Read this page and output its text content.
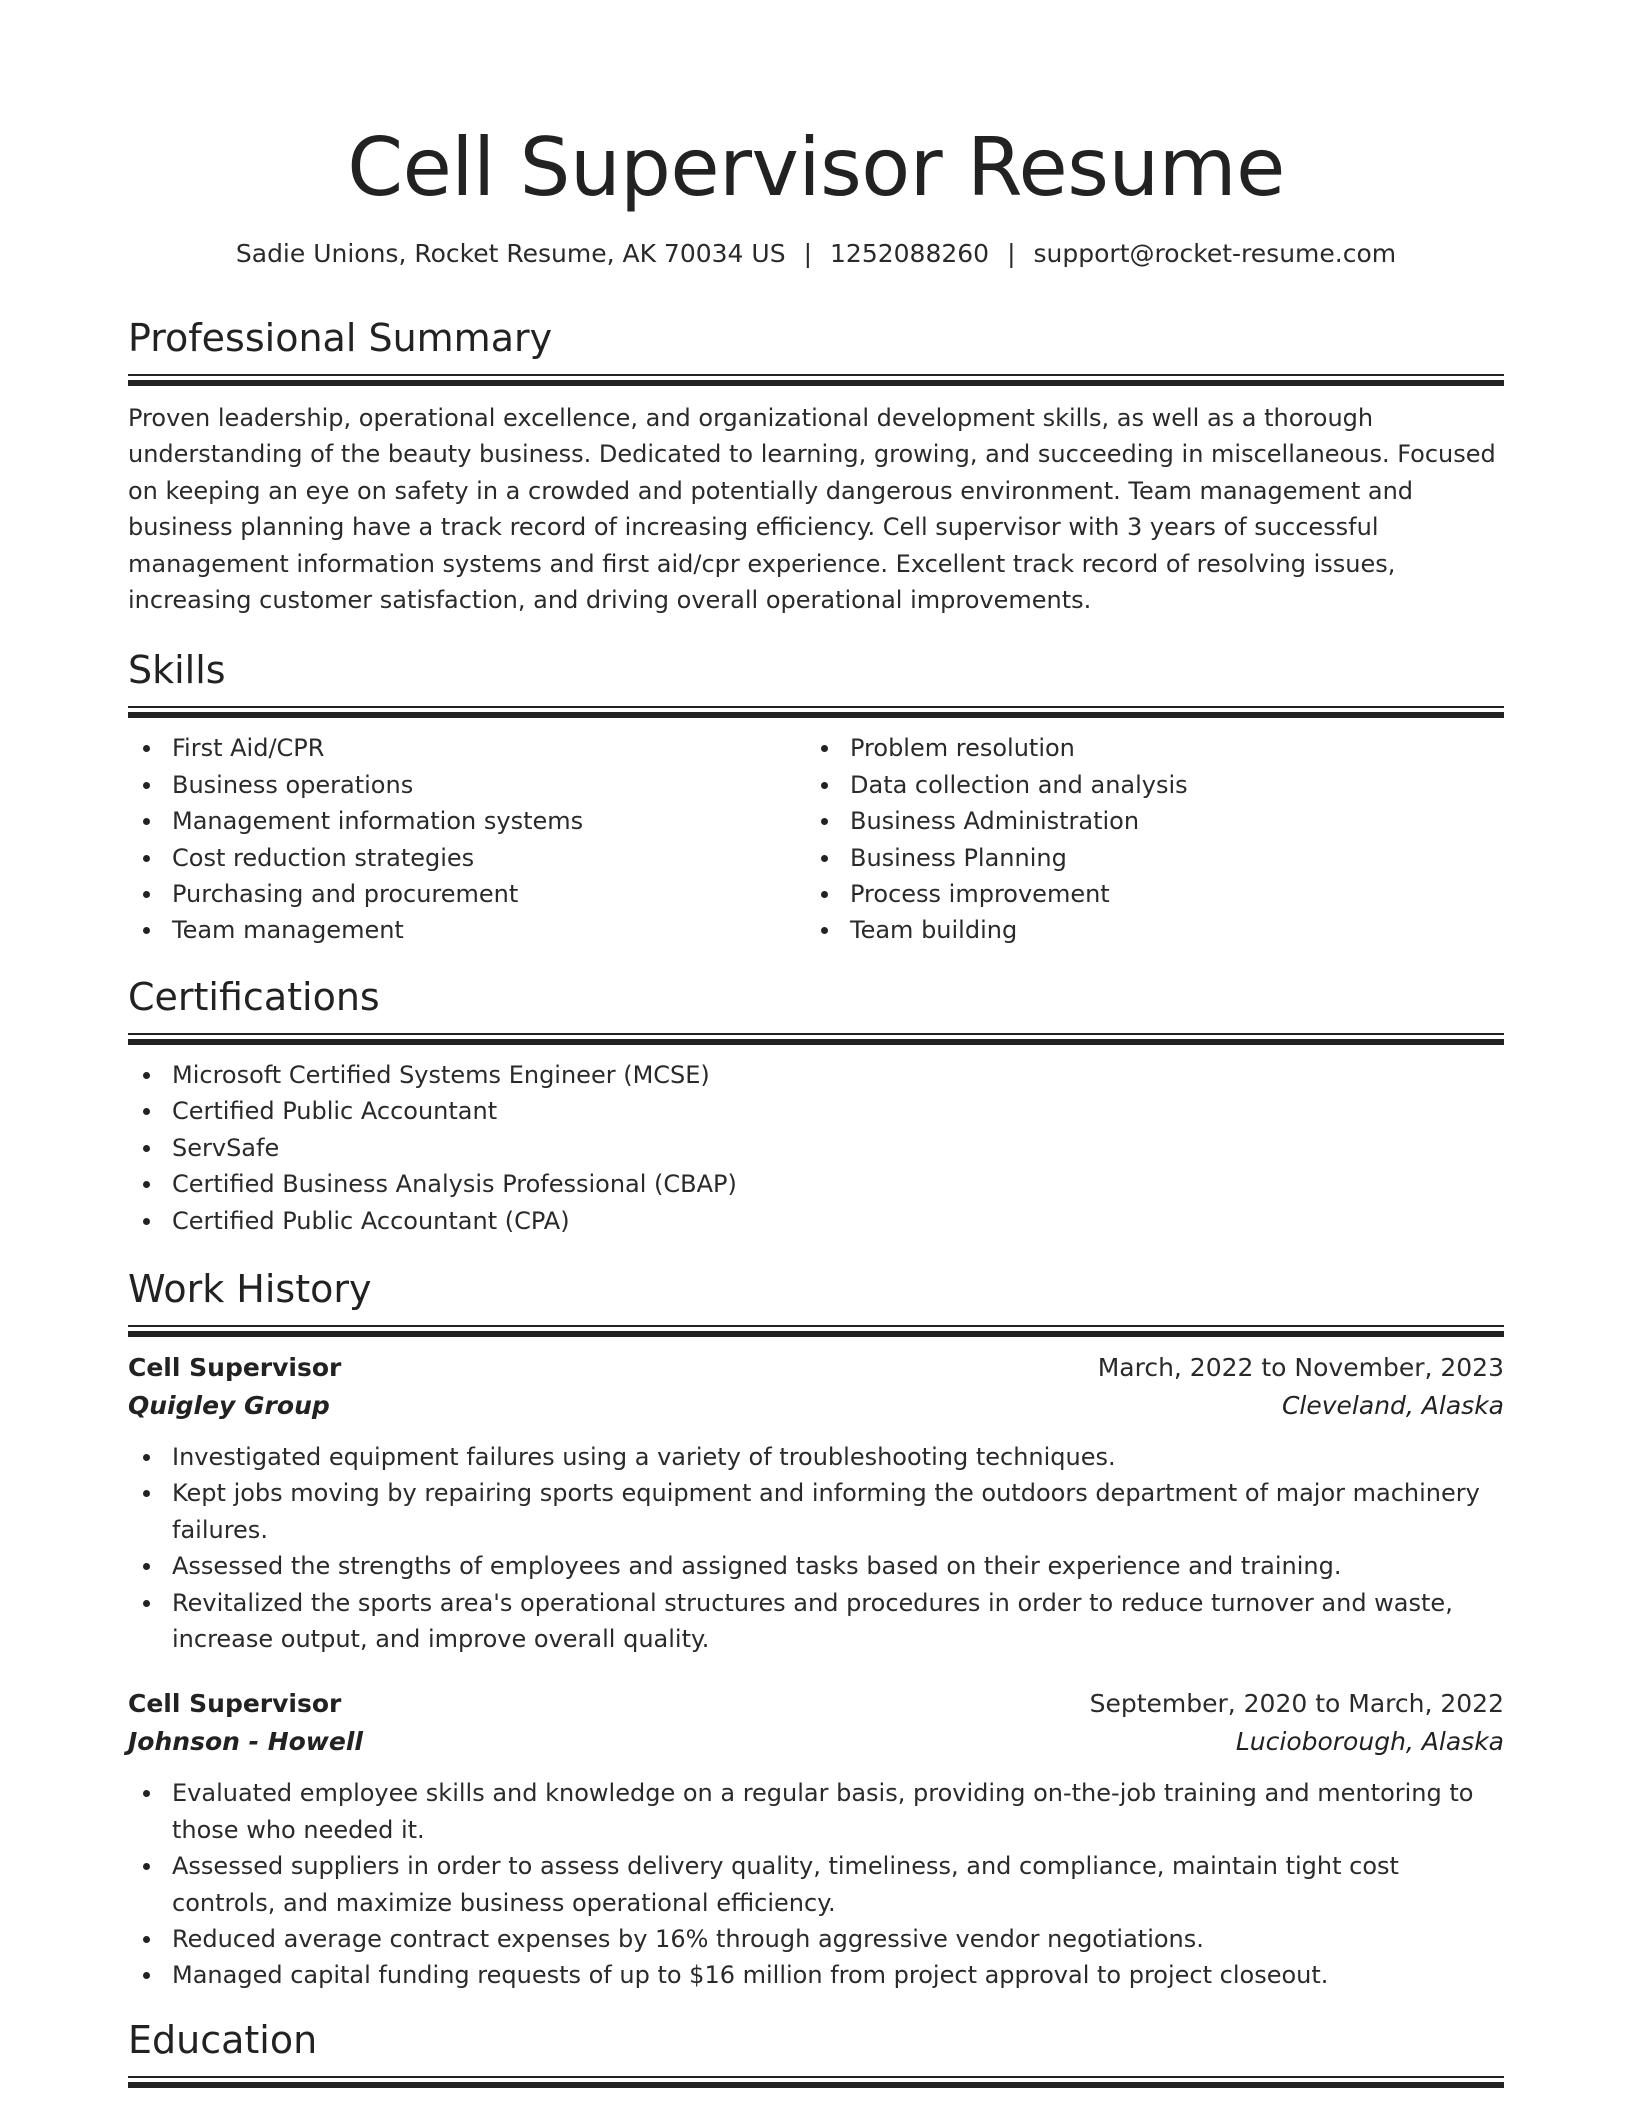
Cell Supervisor Resume
Sadie Unions, Rocket Resume, AK 70034 US | 1252088260 | support@rocket-resume.com
Professional Summary

Proven leadership, operational excellence, and organizational development skills, as well as a thorough understanding of the beauty business. Dedicated to learning, growing, and succeeding in miscellaneous. Focused on keeping an eye on safety in a crowded and potentially dangerous environment. Team management and business planning have a track record of increasing efficiency. Cell supervisor with 3 years of successful management information systems and first aid/cpr experience. Excellent track record of resolving issues, increasing customer satisfaction, and driving overall operational improvements.

Skills
First Aid/CPR
Business operations
Management information systems
Cost reduction strategies
Purchasing and procurement
Team management
Problem resolution
Data collection and analysis
Business Administration
Business Planning
Process improvement
Team building
Certifications
Microsoft Certified Systems Engineer (MCSE)
Certified Public Accountant
ServSafe
Certified Business Analysis Professional (CBAP)
Certified Public Accountant (CPA)
Work History
Cell Supervisor	March, 2022 to November, 2023
Quigley Group	Cleveland, Alaska
Investigated equipment failures using a variety of troubleshooting techniques.
Kept jobs moving by repairing sports equipment and informing the outdoors department of major machinery failures.
Assessed the strengths of employees and assigned tasks based on their experience and training.
Revitalized the sports area's operational structures and procedures in order to reduce turnover and waste, increase output, and improve overall quality.
Cell Supervisor	September, 2020 to March, 2022
Johnson - Howell	Lucioborough, Alaska
Evaluated employee skills and knowledge on a regular basis, providing on-the-job training and mentoring to those who needed it.
Assessed suppliers in order to assess delivery quality, timeliness, and compliance, maintain tight cost controls, and maximize business operational efficiency.
Reduced average contract expenses by 16% through aggressive vendor negotiations.
Managed capital funding requests of up to $16 million from project approval to project closeout.
Education
